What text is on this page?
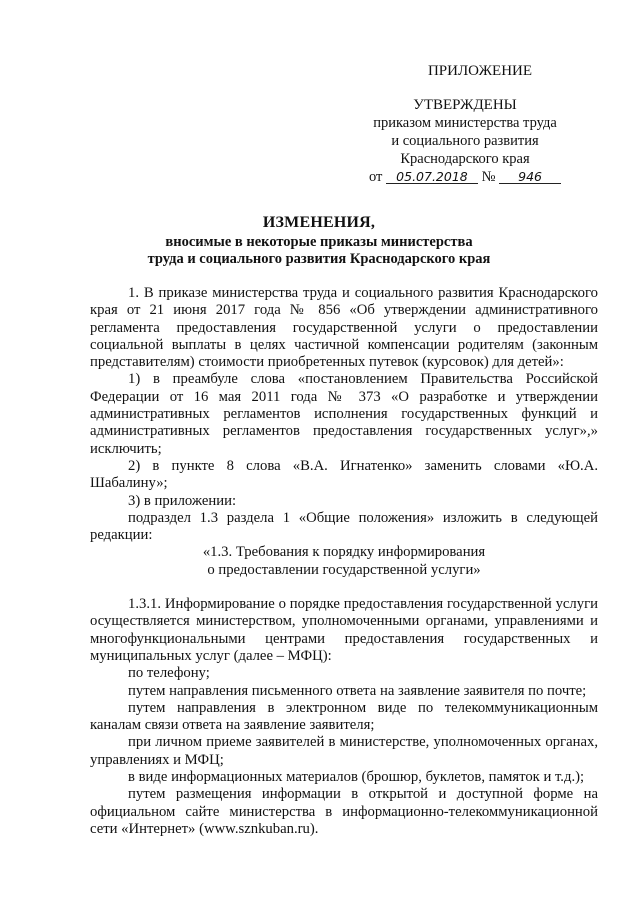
ПРИЛОЖЕНИЕ
УТВЕРЖДЕНЫ
приказом министерства труда
и социального развития
Краснодарского края
от 05.07.2018 № 946
ИЗМЕНЕНИЯ,
вносимые в некоторые приказы министерства
труда и социального развития Краснодарского края

1. В приказе министерства труда и социального развития Краснодарского края от 21 июня 2017 года № 856 «Об утверждении административного регламента предоставления государственной услуги о предоставлении социальной выплаты в целях частичной компенсации родителям (законным представителям) стоимости приобретенных путевок (курсовок) для детей»:

1) в преамбуле слова «постановлением Правительства Российской Федерации от 16 мая 2011 года № 373 «О разработке и утверждении административных регламентов исполнения государственных функций и административных регламентов предоставления государственных услуг»,» исключить;

2) в пункте 8 слова «В.А. Игнатенко» заменить словами «Ю.А. Шабалину»;

3) в приложении:

подраздел 1.3 раздела 1 «Общие положения» изложить в следующей редакции:

«1.3. Требования к порядку информирования

о предоставлении государственной услуги»

1.3.1. Информирование о порядке предоставления государственной услуги осуществляется министерством, уполномоченными органами, управлениями и многофункциональными центрами предоставления государственных и муниципальных услуг (далее – МФЦ):

по телефону;

путем направления письменного ответа на заявление заявителя по почте;

путем направления в электронном виде по телекоммуникационным каналам связи ответа на заявление заявителя;

при личном приеме заявителей в министерстве, уполномоченных органах, управлениях и МФЦ;

в виде информационных материалов (брошюр, буклетов, памяток и т.д.);

путем размещения информации в открытой и доступной форме на официальном сайте министерства в информационно-телекоммуникационной сети «Интернет» (www.sznkuban.ru).
